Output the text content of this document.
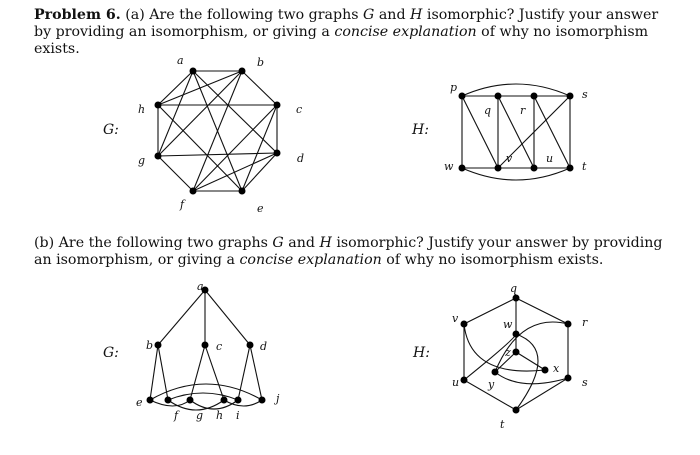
Problem 6. (a) Are the following two graphs G and H isomorphic? Justify your answer by providing an isomorphism, or giving a concise explanation of why no isomorphism exists.
(b) Are the following two graphs G and H isomorphic? Justify your answer by providing an isomorphism, or giving a concise explanation of why no isomorphism exists.
G:
a	b
c
d
e
f
g
h
H:
p
q	r
s
w
v	u
t
G:
a
b	c	d
e
f g h i
j
H:
q
v	w	r
z
x
y
u	s
t
